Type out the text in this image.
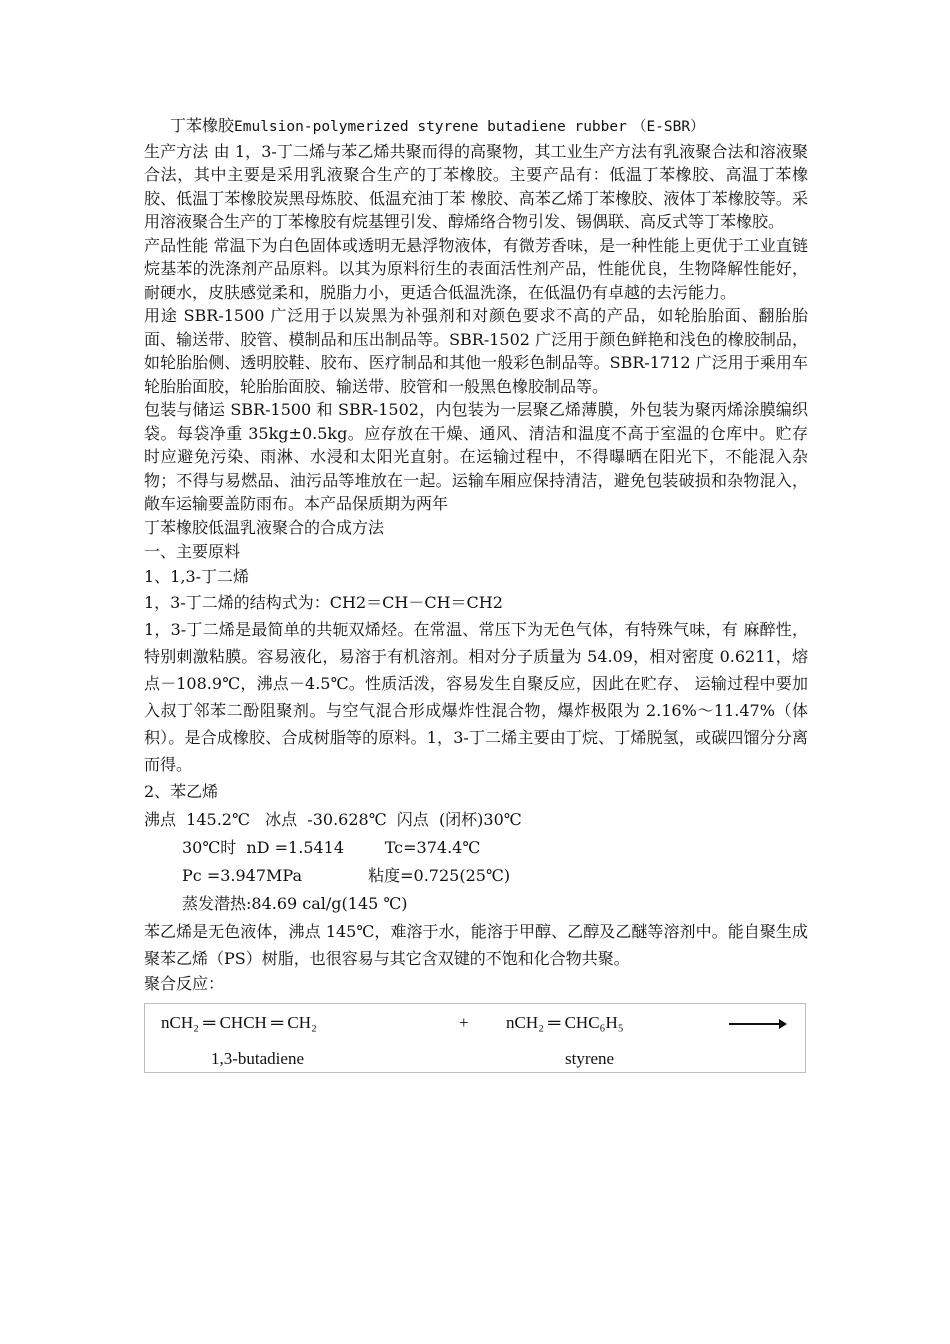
丁苯橡胶Emulsion-polymerized styrene butadiene rubber （E-SBR）

生产方法 由 1，3-丁二烯与苯乙烯共聚而得的高聚物，其工业生产方法有乳液聚合法和溶液聚合法，其中主要是采用乳液聚合生产的丁苯橡胶。主要产品有：低温丁苯橡胶、高温丁苯橡胶、低温丁苯橡胶炭黑母炼胶、低温充油丁苯 橡胶、高苯乙烯丁苯橡胶、液体丁苯橡胶等。采用溶液聚合生产的丁苯橡胶有烷基锂引发、醇烯络合物引发、锡偶联、高反式等丁苯橡胶。

产品性能 常温下为白色固体或透明无悬浮物液体，有微芳香味，是一种性能上更优于工业直链烷基苯的洗涤剂产品原料。以其为原料衍生的表面活性剂产品，性能优良，生物降解性能好，耐硬水，皮肤感觉柔和，脱脂力小，更适合低温洗涤，在低温仍有卓越的去污能力。

用途 SBR-1500 广泛用于以炭黑为补强剂和对颜色要求不高的产品，如轮胎胎面、翻胎胎面、输送带、胶管、模制品和压出制品等。SBR-1502 广泛用于颜色鲜艳和浅色的橡胶制品，如轮胎胎侧、透明胶鞋、胶布、医疗制品和其他一般彩色制品等。SBR-1712 广泛用于乘用车轮胎胎面胶，轮胎胎面胶、输送带、胶管和一般黑色橡胶制品等。

包装与储运 SBR-1500 和 SBR-1502，内包装为一层聚乙烯薄膜，外包装为聚丙烯涂膜编织袋。每袋净重 35kg±0.5kg。应存放在干燥、通风、清洁和温度不高于室温的仓库中。贮存时应避免污染、雨淋、水浸和太阳光直射。在运输过程中，不得曝晒在阳光下，不能混入杂物；不得与易燃品、油污品等堆放在一起。运输车厢应保持清洁，避免包装破损和杂物混入，敞车运输要盖防雨布。本产品保质期为两年

丁苯橡胶低温乳液聚合的合成方法

一、主要原料

1、1,3-丁二烯

1，3-丁二烯的结构式为：CH2＝CH－CH＝CH2

1，3-丁二烯是最简单的共轭双烯烃。在常温、常压下为无色气体，有特殊气味，有 麻醉性，特别刺激粘膜。容易液化，易溶于有机溶剂。相对分子质量为 54.09，相对密度 0.6211，熔点－108.9℃，沸点－4.5℃。性质活泼，容易发生自聚反应，因此在贮存、 运输过程中要加入叔丁邻苯二酚阻聚剂。与空气混合形成爆炸性混合物，爆炸极限为 2.16%～11.47%（体积）。是合成橡胶、合成树脂等的原料。1，3-丁二烯主要由丁烷、丁烯脱氢，或碳四馏分分离而得。

2、苯乙烯

沸点  145.2℃   冰点  -30.628℃  闪点  (闭杯)30℃

30℃时  nD =1.5414        Tc=374.4℃

Pc =3.947MPa             粘度=0.725(25℃)

蒸发潜热:84.69 cal/g(145 ℃)

苯乙烯是无色液体，沸点 145℃，难溶于水，能溶于甲醇、乙醇及乙醚等溶剂中。能自聚生成聚苯乙烯（PS）树脂，也很容易与其它含双键的不饱和化合物共聚。

聚合反应：

nCH₂ ═ CHCH ═ CH₂	+ nCH₂ ═ CHC₆H₅
1,3-butadiene	styrene
